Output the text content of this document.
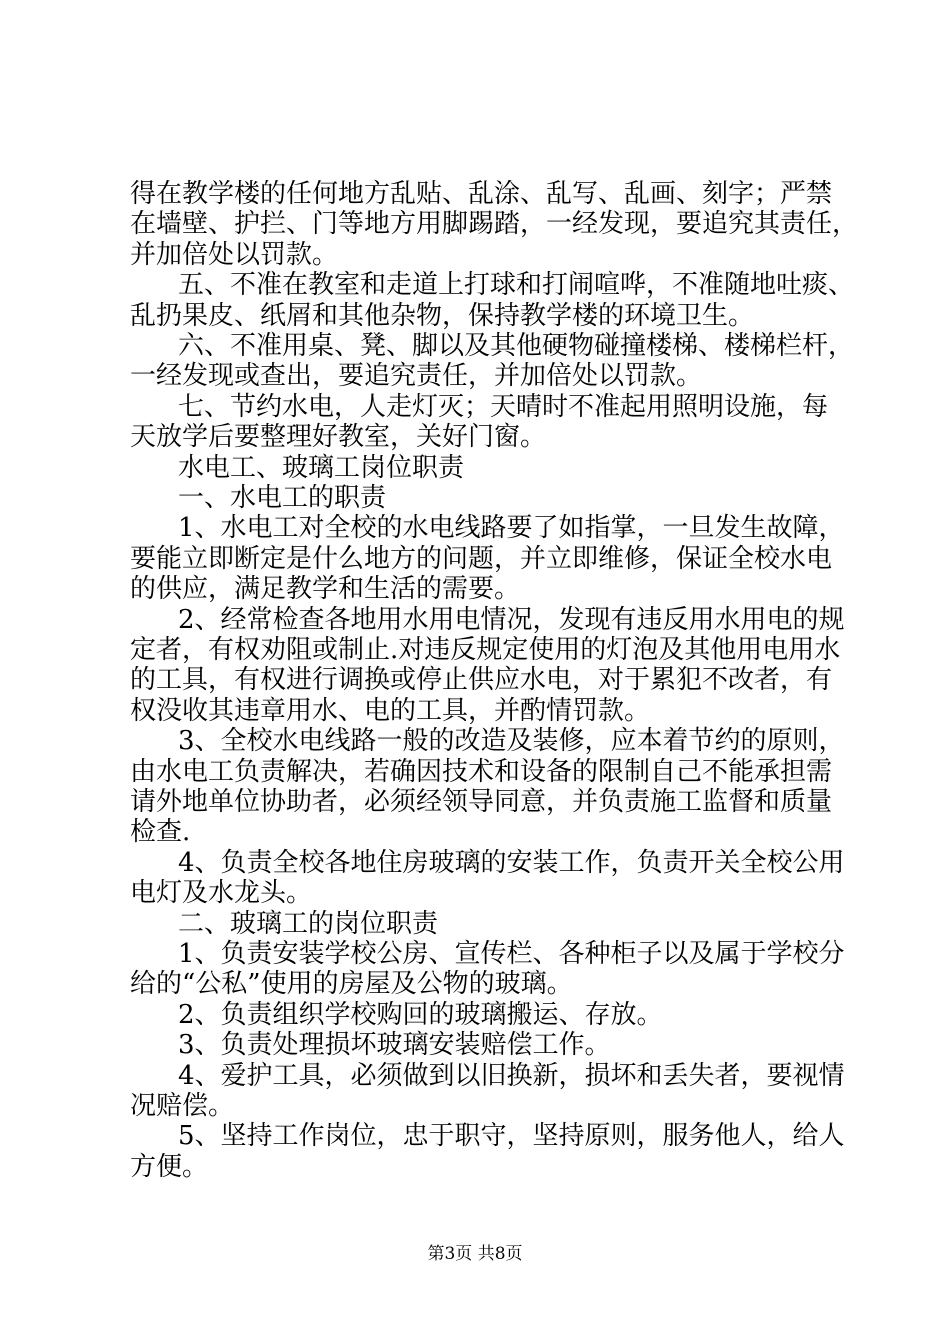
得在教学楼的任何地方乱贴、乱涂、乱写、乱画、刻字；严禁
在墙壁、护拦、门等地方用脚踢踏，一经发现，要追究其责任，
并加倍处以罚款。
五、不准在教室和走道上打球和打闹喧哗，不准随地吐痰、
乱扔果皮、纸屑和其他杂物，保持教学楼的环境卫生。
六、不准用桌、凳、脚以及其他硬物碰撞楼梯、楼梯栏杆，
一经发现或查出，要追究责任，并加倍处以罚款。
七、节约水电，人走灯灭；天晴时不准起用照明设施，每
天放学后要整理好教室，关好门窗。
水电工、玻璃工岗位职责
一、水电工的职责
1、水电工对全校的水电线路要了如指掌，一旦发生故障，
要能立即断定是什么地方的问题，并立即维修，保证全校水电
的供应，满足教学和生活的需要。
2、经常检查各地用水用电情况，发现有违反用水用电的规
定者，有权劝阻或制止.对违反规定使用的灯泡及其他用电用水
的工具，有权进行调换或停止供应水电，对于累犯不改者，有
权没收其违章用水、电的工具，并酌情罚款。
3、全校水电线路一般的改造及装修，应本着节约的原则，
由水电工负责解决，若确因技术和设备的限制自己不能承担需
请外地单位协助者，必须经领导同意，并负责施工监督和质量
检查.
4、负责全校各地住房玻璃的安装工作，负责开关全校公用
电灯及水龙头。
二、玻璃工的岗位职责
1、负责安装学校公房、宣传栏、各种柜子以及属于学校分
给的“公私”使用的房屋及公物的玻璃。
2、负责组织学校购回的玻璃搬运、存放。
3、负责处理损坏玻璃安装赔偿工作。
4、爱护工具，必须做到以旧换新，损坏和丢失者，要视情
况赔偿。
5、坚持工作岗位，忠于职守，坚持原则，服务他人，给人
方便。
第3页 共8页
